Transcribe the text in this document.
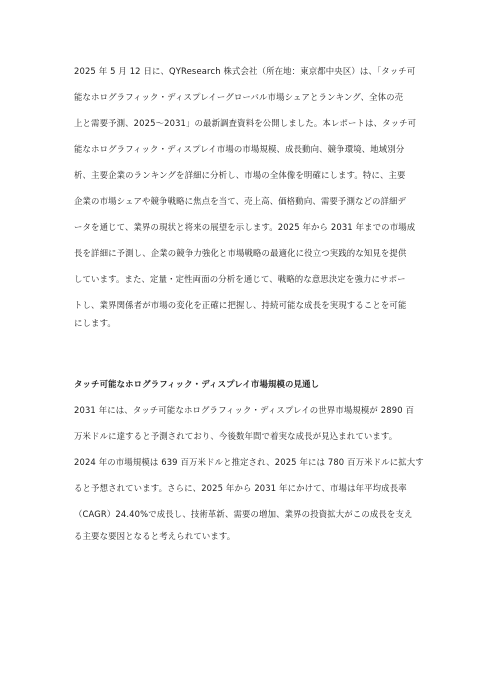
2025 年 5 月 12 日に、QYResearch 株式会社（所在地：東京都中央区）は、「タッチ可
能なホログラフィック・ディスプレイーグローバル市場シェアとランキング、全体の売
上と需要予測、2025〜2031」の最新調査資料を公開しました。本レポートは、タッチ可
能なホログラフィック・ディスプレイ市場の市場規模、成長動向、競争環境、地域別分
析、主要企業のランキングを詳細に分析し、市場の全体像を明確にします。特に、主要
企業の市場シェアや競争戦略に焦点を当て、売上高、価格動向、需要予測などの詳細デ
ータを通じて、業界の現状と将来の展望を示します。2025 年から 2031 年までの市場成
長を詳細に予測し、企業の競争力強化と市場戦略の最適化に役立つ実践的な知見を提供
しています。また、定量・定性両面の分析を通じて、戦略的な意思決定を強力にサポー
トし、業界関係者が市場の変化を正確に把握し、持続可能な成長を実現することを可能
にします。
タッチ可能なホログラフィック・ディスプレイ市場規模の見通し
2031 年には、タッチ可能なホログラフィック・ディスプレイの世界市場規模が 2890 百
万米ドルに達すると予測されており、今後数年間で着実な成長が見込まれています。
2024 年の市場規模は 639 百万米ドルと推定され、2025 年には 780 百万米ドルに拡大す
ると予想されています。さらに、2025 年から 2031 年にかけて、市場は年平均成長率
（CAGR）24.40%で成長し、技術革新、需要の増加、業界の投資拡大がこの成長を支え
る主要な要因となると考えられています。
